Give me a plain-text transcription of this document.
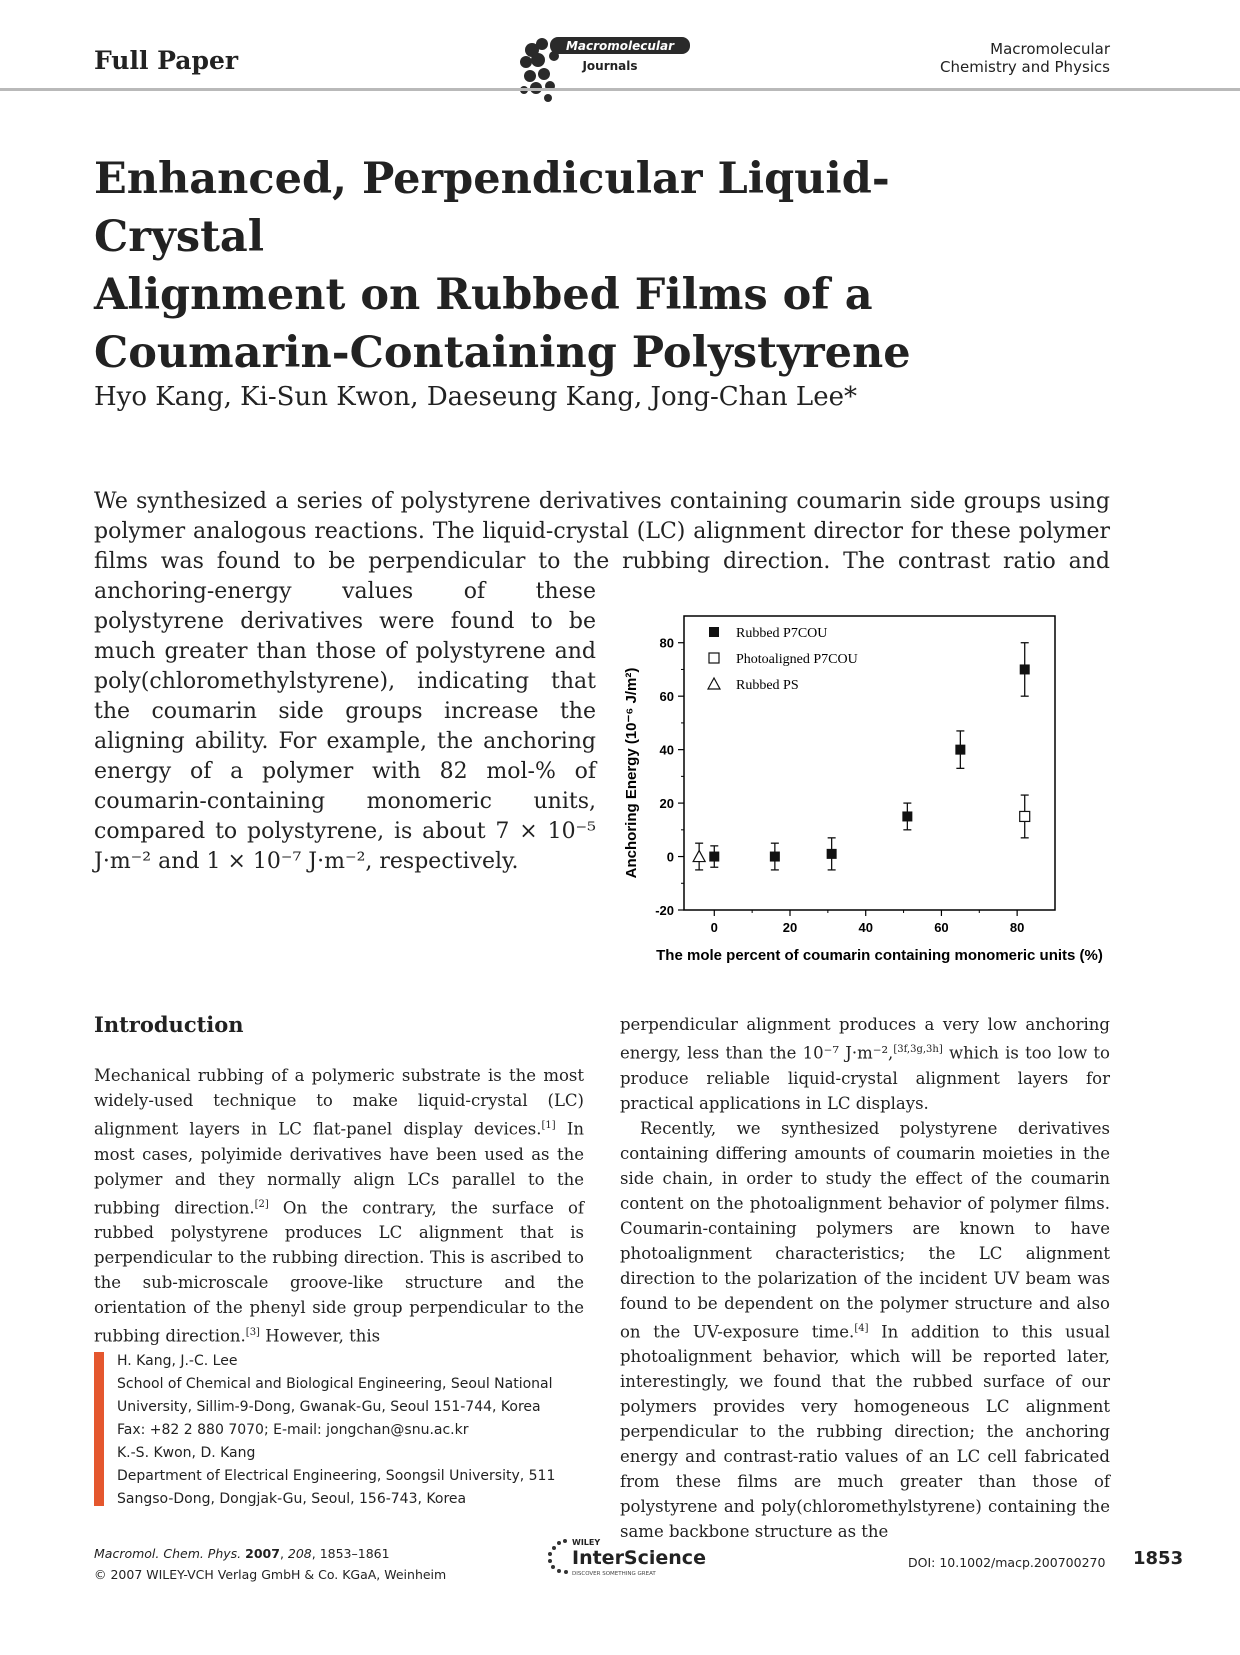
Full Paper	Macromolecular
Journals
Macromolecular
Chemistry and Physics
Enhanced, Perpendicular Liquid-Crystal
Alignment on Rubbed Films of a
Coumarin-Containing Polystyrene
Hyo Kang, Ki-Sun Kwon, Daeseung Kang, Jong-Chan Lee*
We synthesized a series of polystyrene derivatives containing coumarin side groups using
polymer analogous reactions. The liquid-crystal (LC) alignment director for these polymer
films was found to be perpendicular to the rubbing direction. The contrast ratio and
anchoring-energy values of these polystyrene derivatives were found to be much greater than those of polystyrene and poly(chloromethylstyrene), indicating that the coumarin side groups increase the aligning ability. For example, the anchoring energy of a polymer with 82 mol-% of coumarin-containing monomeric units, compared to polystyrene, is about 7 × 10⁻⁵ J·m⁻² and 1 × 10⁻⁷ J·m⁻², respectively.
-20
0
20
40
60
80
0	20	40	60	80
The mole percent of coumarin containing monomeric units (%)
Anchoring Energy (10⁻⁶ J/m²)
Rubbed P7COU
Photoaligned P7COU
Rubbed PS
Introduction

Mechanical rubbing of a polymeric substrate is the most widely-used technique to make liquid-crystal (LC) alignment layers in LC flat-panel display devices.[1] In most cases, polyimide derivatives have been used as the polymer and they normally align LCs parallel to the rubbing direction.[2] On the contrary, the surface of rubbed polystyrene produces LC alignment that is perpendicular to the rubbing direction. This is ascribed to the sub-microscale groove-like structure and the orientation of the phenyl side group perpendicular to the rubbing direction.[3] However, this

perpendicular alignment produces a very low anchoring energy, less than the 10⁻⁷ J·m⁻²,[3f,3g,3h] which is too low to produce reliable liquid-crystal alignment layers for practical applications in LC displays.

Recently, we synthesized polystyrene derivatives containing differing amounts of coumarin moieties in the side chain, in order to study the effect of the coumarin content on the photoalignment behavior of polymer films. Coumarin-containing polymers are known to have photoalignment characteristics; the LC alignment direction to the polarization of the incident UV beam was found to be dependent on the polymer structure and also on the UV-exposure time.[4] In addition to this usual photoalignment behavior, which will be reported later, interestingly, we found that the rubbed surface of our polymers provides very homogeneous LC alignment perpendicular to the rubbing direction; the anchoring energy and contrast-ratio values of an LC cell fabricated from these films are much greater than those of polystyrene and poly(chloromethylstyrene) containing the same backbone structure as the

H. Kang, J.-C. Lee
School of Chemical and Biological Engineering, Seoul National
University, Sillim-9-Dong, Gwanak-Gu, Seoul 151-744, Korea
Fax: +82 2 880 7070; E-mail: jongchan@snu.ac.kr
K.-S. Kwon, D. Kang
Department of Electrical Engineering, Soongsil University, 511
Sangso-Dong, Dongjak-Gu, Seoul, 156-743, Korea
Macromol. Chem. Phys. 2007, 208, 1853–1861
© 2007 WILEY-VCH Verlag GmbH & Co. KGaA, Weinheim
WILEY
InterScience
DISCOVER SOMETHING GREAT
DOI: 10.1002/macp.200700270 1853
